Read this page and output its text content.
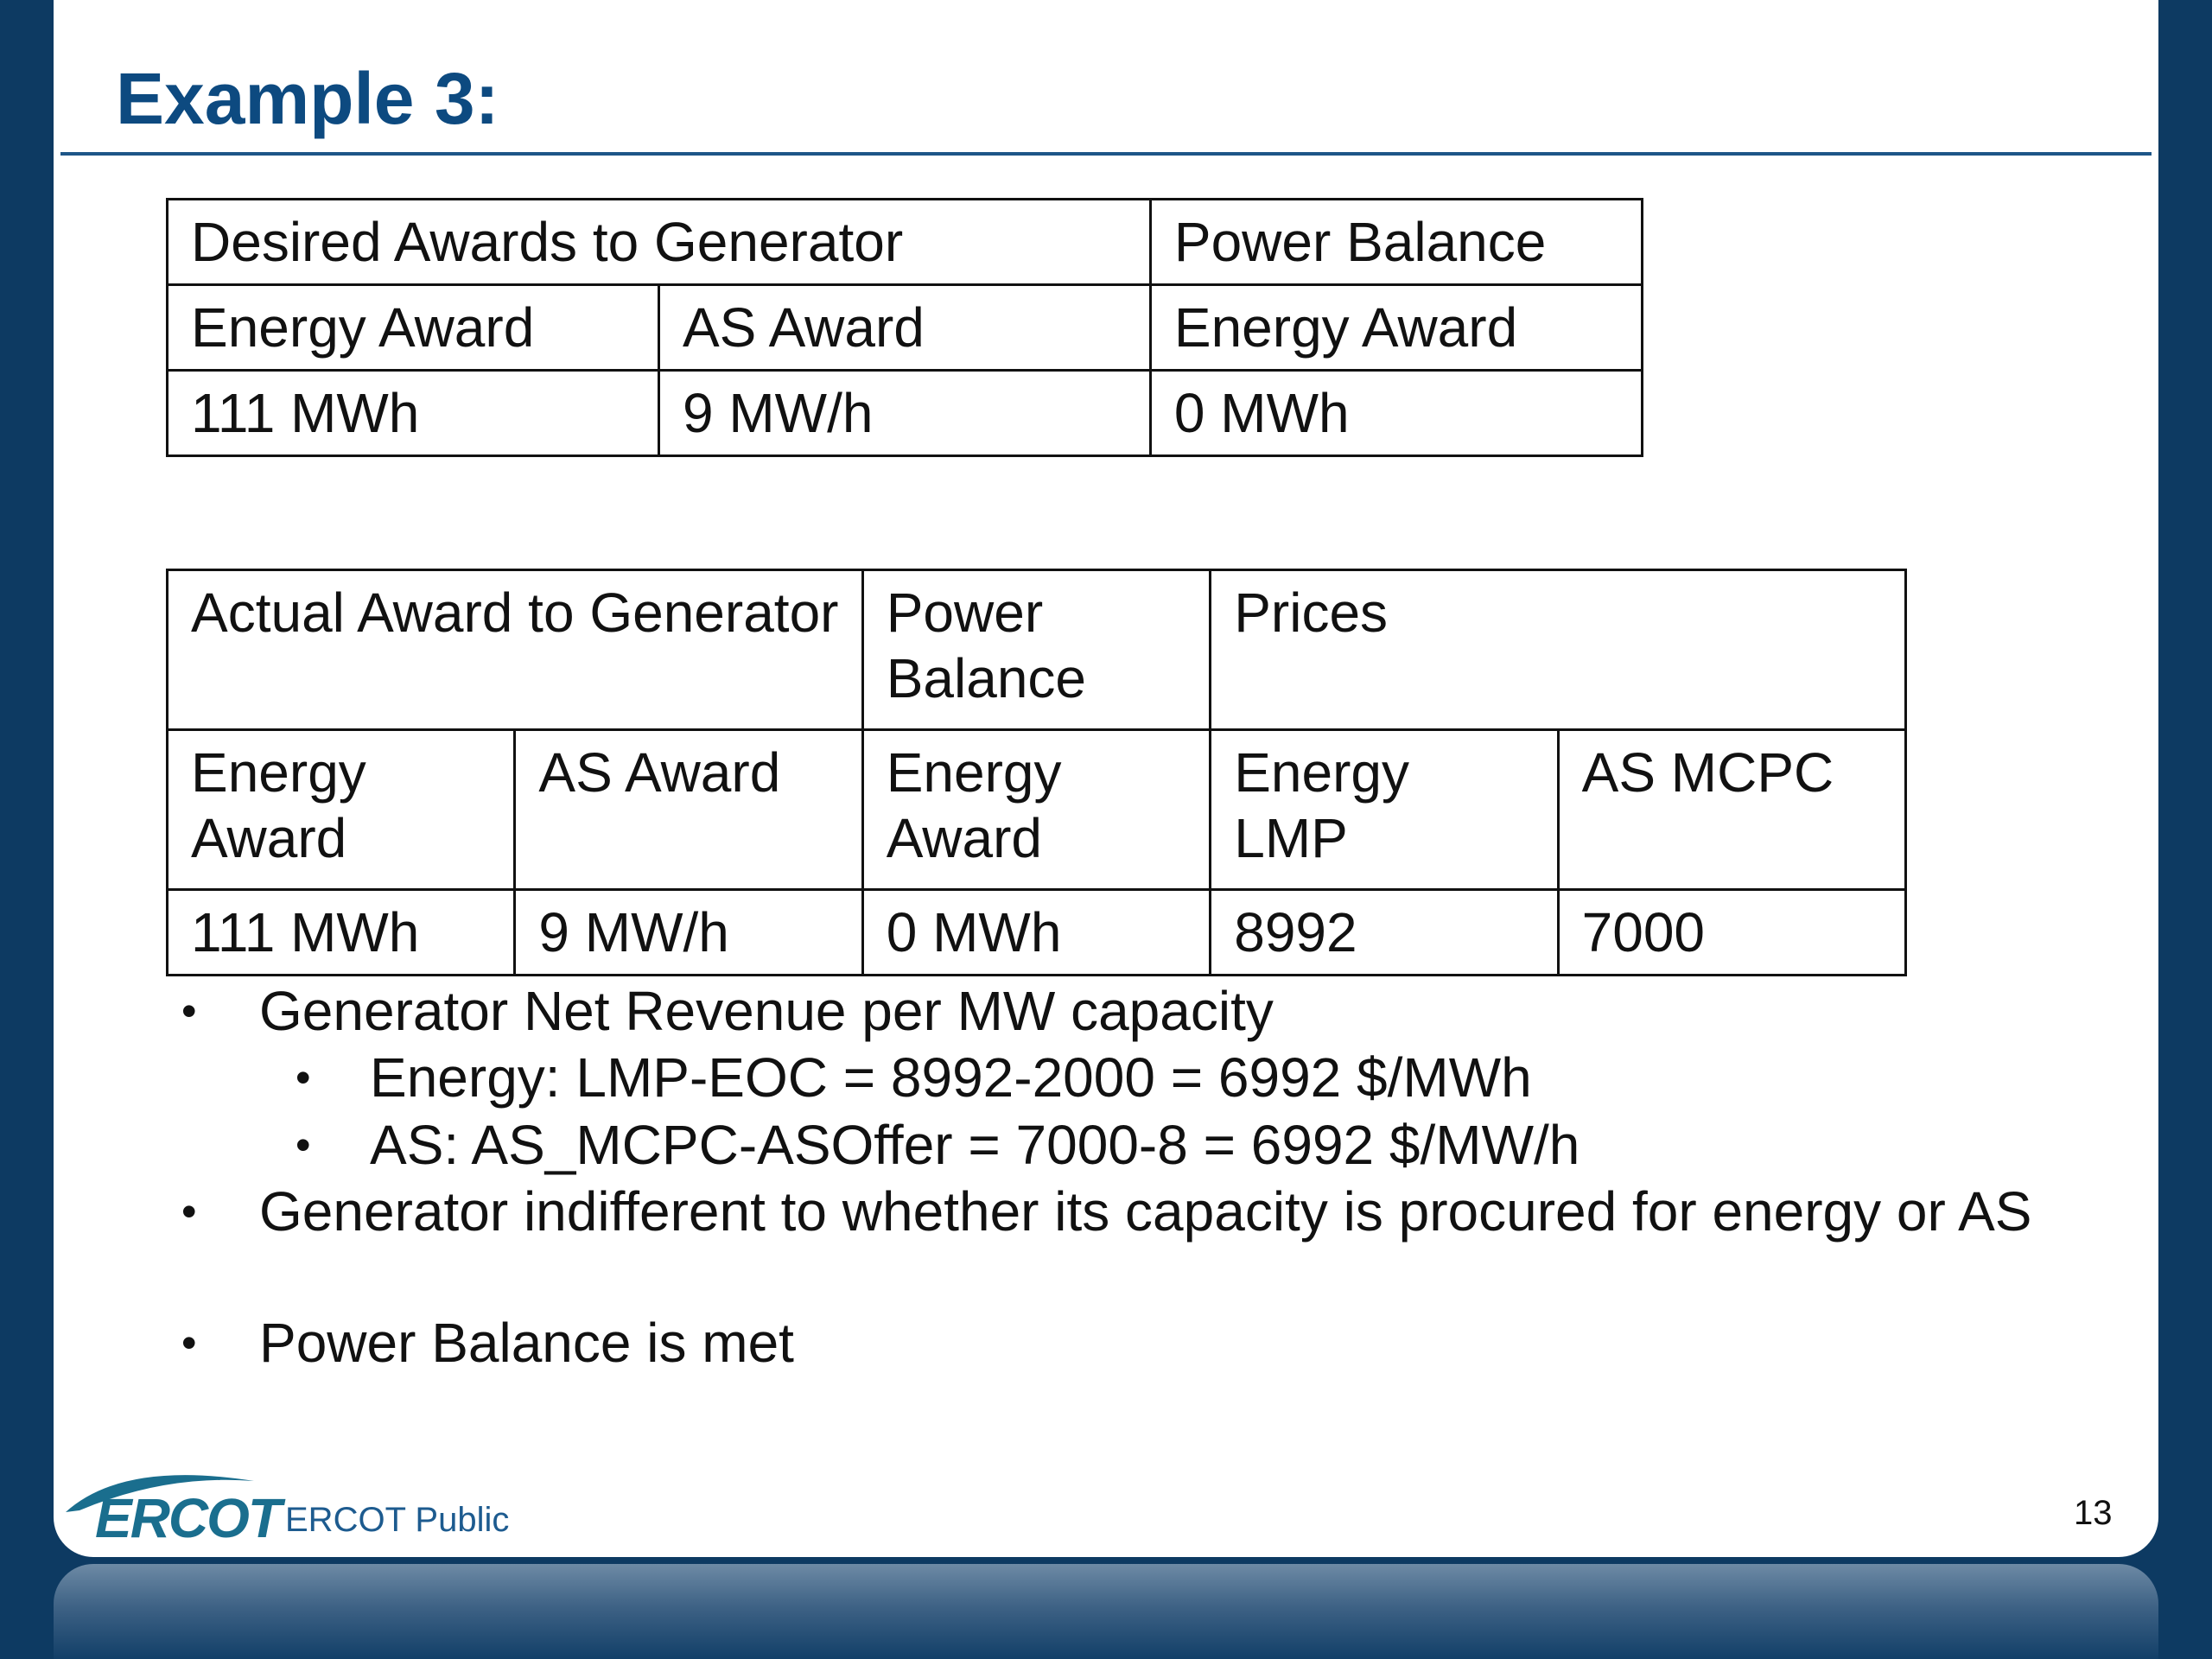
Example 3:
Desired Awards to Generator		Power Balance
Energy Award	AS Award	Energy Award
111 MWh	9 MW/h	0 MWh
Actual Award to Generator		Power Balance	Prices	
Energy Award	AS Award	Energy Award	Energy LMP	AS MCPC
111 MWh	9 MW/h	0 MWh	8992	7000
•	Generator Net Revenue per MW capacity
• Energy: LMP-EOC = 8992-2000 = 6992 $/MWh
• AS: AS_MCPC-ASOffer = 7000-8 = 6992 $/MW/h
•	Generator indifferent to whether its capacity is procured for energy or AS
•	Power Balance is met
ERCOT ERCOT Public	13
